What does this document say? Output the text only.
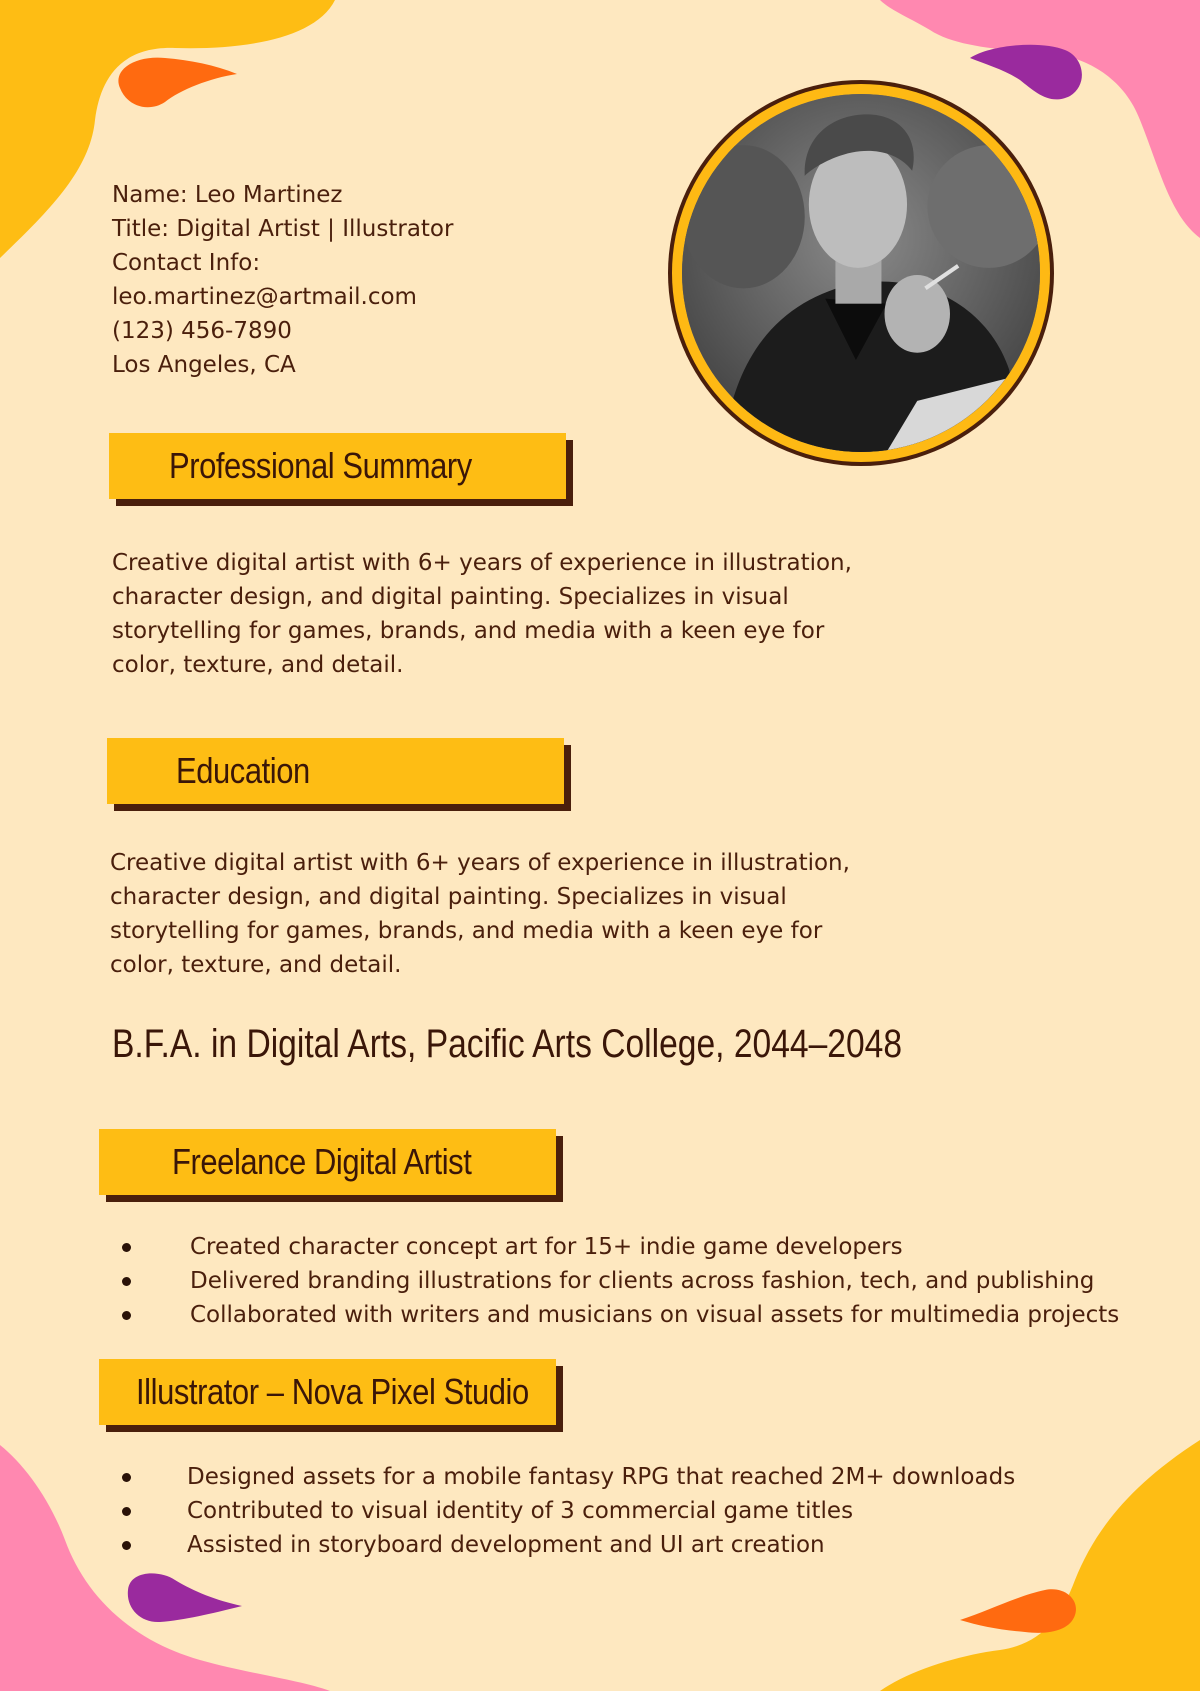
Name: Leo Martinez
Title: Digital Artist | Illustrator
Contact Info:
leo.martinez@artmail.com
(123) 456-7890
Los Angeles, CA
Professional Summary
Creative digital artist with 6+ years of experience in illustration, character design, and digital painting. Specializes in visual storytelling for games, brands, and media with a keen eye for color, texture, and detail.
Education
Creative digital artist with 6+ years of experience in illustration, character design, and digital painting. Specializes in visual storytelling for games, brands, and media with a keen eye for color, texture, and detail.
B.F.A. in Digital Arts, Pacific Arts College, 2044–2048
Freelance Digital Artist
Created character concept art for 15+ indie game developers
Delivered branding illustrations for clients across fashion, tech, and publishing
Collaborated with writers and musicians on visual assets for multimedia projects
Illustrator – Nova Pixel Studio
Designed assets for a mobile fantasy RPG that reached 2M+ downloads
Contributed to visual identity of 3 commercial game titles
Assisted in storyboard development and UI art creation
